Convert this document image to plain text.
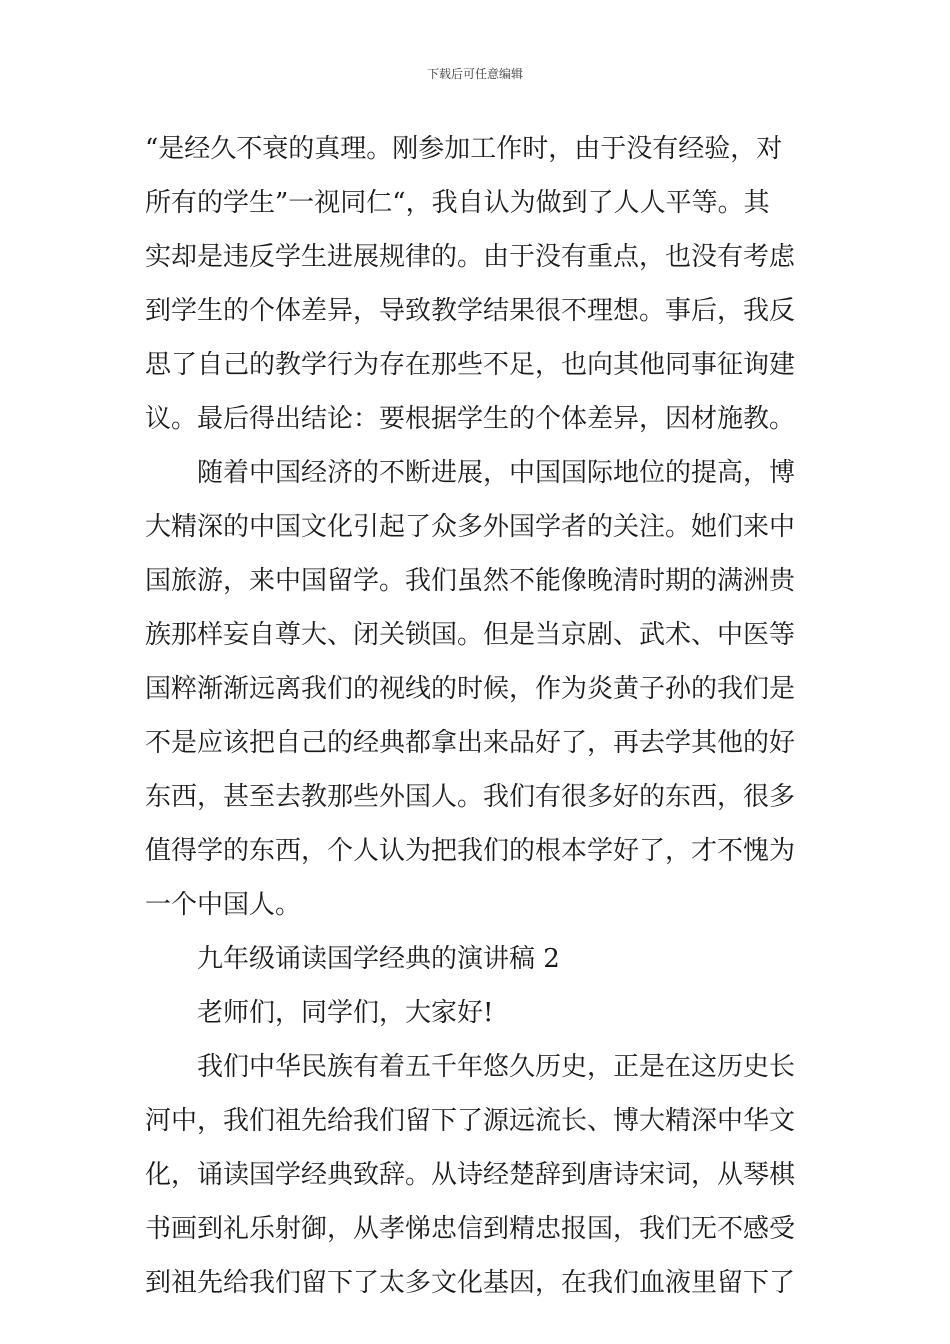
下载后可任意编辑
“是经久不衰的真理。刚参加工作时，由于没有经验，对
所有的学生”一视同仁“，我自认为做到了人人平等。其
实却是违反学生进展规律的。由于没有重点，也没有考虑
到学生的个体差异，导致教学结果很不理想。事后，我反
思了自己的教学行为存在那些不足，也向其他同事征询建
议。最后得出结论：要根据学生的个体差异，因材施教。
　　随着中国经济的不断进展，中国国际地位的提高，博
大精深的中国文化引起了众多外国学者的关注。她们来中
国旅游，来中国留学。我们虽然不能像晚清时期的满洲贵
族那样妄自尊大、闭关锁国。但是当京剧、武术、中医等
国粹渐渐远离我们的视线的时候，作为炎黄子孙的我们是
不是应该把自己的经典都拿出来品好了，再去学其他的好
东西，甚至去教那些外国人。我们有很多好的东西，很多
值得学的东西，个人认为把我们的根本学好了，才不愧为
一个中国人。
　　九年级诵读国学经典的演讲稿 2
　　老师们，同学们，大家好!
　　我们中华民族有着五千年悠久历史，正是在这历史长
河中，我们祖先给我们留下了源远流长、博大精深中华文
化，诵读国学经典致辞。从诗经楚辞到唐诗宋词，从琴棋
书画到礼乐射御，从孝悌忠信到精忠报国，我们无不感受
到祖先给我们留下了太多文化基因，在我们血液里留下了
